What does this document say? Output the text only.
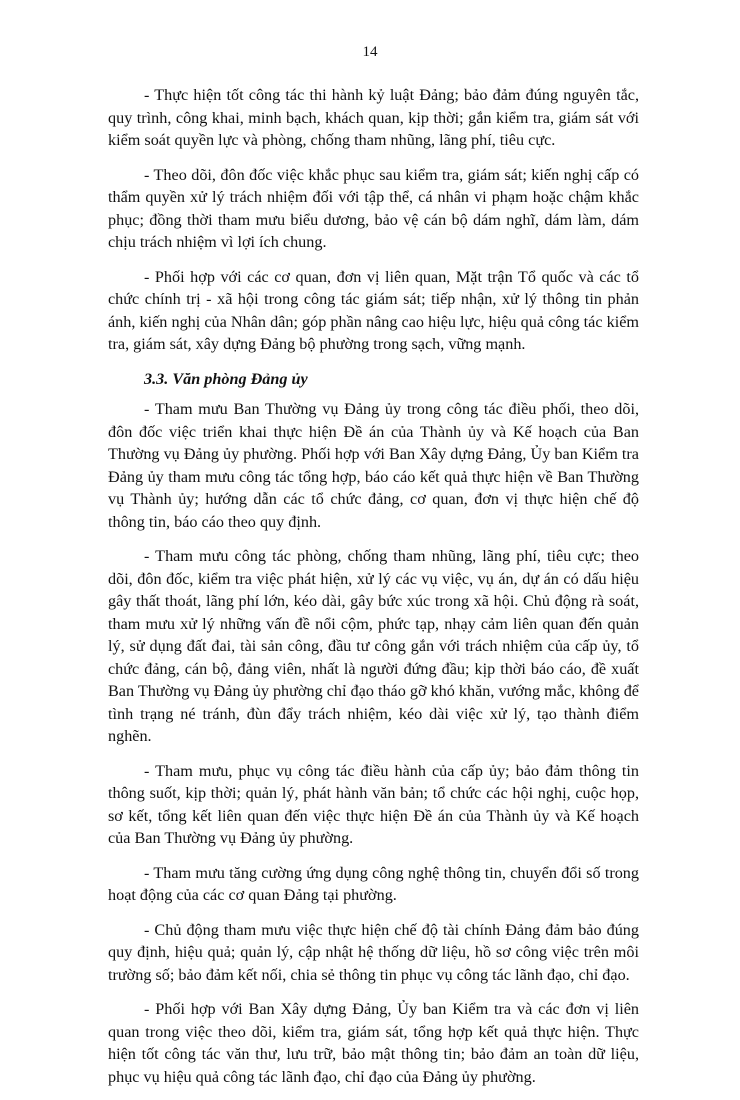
14

- Thực hiện tốt công tác thi hành kỷ luật Đảng; bảo đảm đúng nguyên tắc, quy trình, công khai, minh bạch, khách quan, kịp thời; gắn kiểm tra, giám sát với kiểm soát quyền lực và phòng, chống tham nhũng, lãng phí, tiêu cực.

- Theo dõi, đôn đốc việc khắc phục sau kiểm tra, giám sát; kiến nghị cấp có thẩm quyền xử lý trách nhiệm đối với tập thể, cá nhân vi phạm hoặc chậm khắc phục; đồng thời tham mưu biểu dương, bảo vệ cán bộ dám nghĩ, dám làm, dám chịu trách nhiệm vì lợi ích chung.

- Phối hợp với các cơ quan, đơn vị liên quan, Mặt trận Tổ quốc và các tổ chức chính trị - xã hội trong công tác giám sát; tiếp nhận, xử lý thông tin phản ánh, kiến nghị của Nhân dân; góp phần nâng cao hiệu lực, hiệu quả công tác kiểm tra, giám sát, xây dựng Đảng bộ phường trong sạch, vững mạnh.

3.3. Văn phòng Đảng ủy

- Tham mưu Ban Thường vụ Đảng ủy trong công tác điều phối, theo dõi, đôn đốc việc triển khai thực hiện Đề án của Thành ủy và Kế hoạch của Ban Thường vụ Đảng ủy phường. Phối hợp với Ban Xây dựng Đảng, Ủy ban Kiểm tra Đảng ủy tham mưu công tác tổng hợp, báo cáo kết quả thực hiện về Ban Thường vụ Thành ủy; hướng dẫn các tổ chức đảng, cơ quan, đơn vị thực hiện chế độ thông tin, báo cáo theo quy định.

- Tham mưu công tác phòng, chống tham nhũng, lãng phí, tiêu cực; theo dõi, đôn đốc, kiểm tra việc phát hiện, xử lý các vụ việc, vụ án, dự án có dấu hiệu gây thất thoát, lãng phí lớn, kéo dài, gây bức xúc trong xã hội. Chủ động rà soát, tham mưu xử lý những vấn đề nổi cộm, phức tạp, nhạy cảm liên quan đến quản lý, sử dụng đất đai, tài sản công, đầu tư công gắn với trách nhiệm của cấp ủy, tổ chức đảng, cán bộ, đảng viên, nhất là người đứng đầu; kịp thời báo cáo, đề xuất Ban Thường vụ Đảng ủy phường chỉ đạo tháo gỡ khó khăn, vướng mắc, không để tình trạng né tránh, đùn đẩy trách nhiệm, kéo dài việc xử lý, tạo thành điểm nghẽn.

- Tham mưu, phục vụ công tác điều hành của cấp ủy; bảo đảm thông tin thông suốt, kịp thời; quản lý, phát hành văn bản; tổ chức các hội nghị, cuộc họp, sơ kết, tổng kết liên quan đến việc thực hiện Đề án của Thành ủy và Kế hoạch của Ban Thường vụ Đảng ủy phường.

- Tham mưu tăng cường ứng dụng công nghệ thông tin, chuyển đổi số trong hoạt động của các cơ quan Đảng tại phường.

- Chủ động tham mưu việc thực hiện chế độ tài chính Đảng đảm bảo đúng quy định, hiệu quả; quản lý, cập nhật hệ thống dữ liệu, hồ sơ công việc trên môi trường số; bảo đảm kết nối, chia sẻ thông tin phục vụ công tác lãnh đạo, chỉ đạo.

- Phối hợp với Ban Xây dựng Đảng, Ủy ban Kiểm tra và các đơn vị liên quan trong việc theo dõi, kiểm tra, giám sát, tổng hợp kết quả thực hiện. Thực hiện tốt công tác văn thư, lưu trữ, bảo mật thông tin; bảo đảm an toàn dữ liệu, phục vụ hiệu quả công tác lãnh đạo, chỉ đạo của Đảng ủy phường.
